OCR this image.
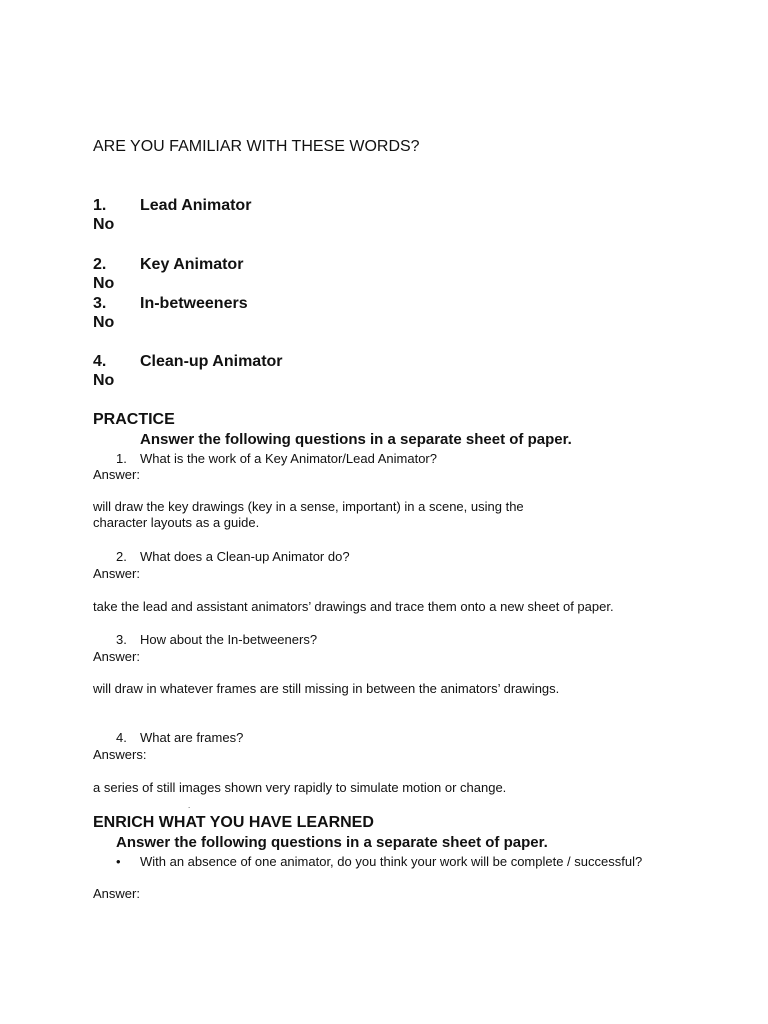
ARE YOU FAMILIAR WITH THESE WORDS?
1. Lead Animator
No
2. Key Animator
No
3. In-betweeners
No
4. Clean-up Animator
No
PRACTICE
Answer the following questions in a separate sheet of paper.
1. What is the work of a Key Animator/Lead Animator?
Answer:
will draw the key drawings (key in a sense, important) in a scene, using the character layouts as a guide.
2. What does a Clean-up Animator do?
Answer:
take the lead and assistant animators’ drawings and trace them onto a new sheet of paper.
3. How about the In-betweeners?
Answer:
will draw in whatever frames are still missing in between the animators’ drawings.
4. What are frames?
Answers:
a series of still images shown very rapidly to simulate motion or change.
.
ENRICH WHAT YOU HAVE LEARNED
Answer the following questions in a separate sheet of paper.
• With an absence of one animator, do you think your work will be complete / successful?
Answer:
